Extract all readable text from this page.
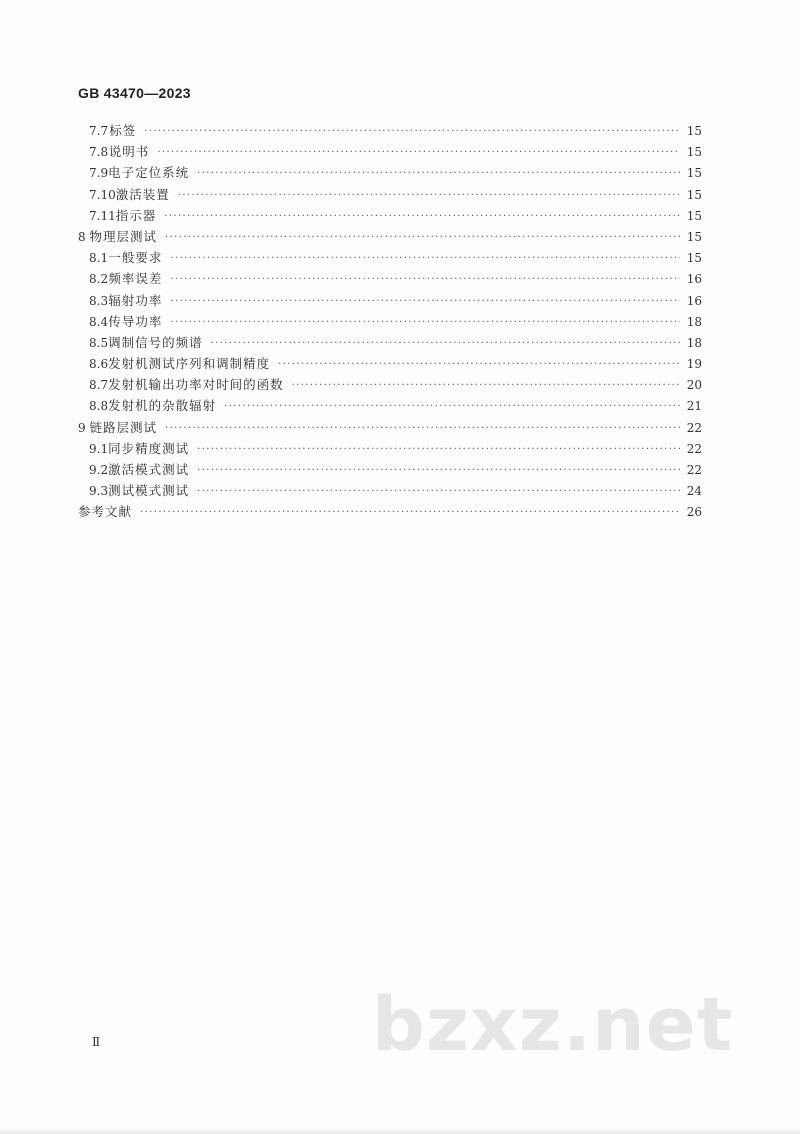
GB 43470—2023
7.7 标签 ·····	15
7.8 说明书 ·····	15
7.9 电子定位系统 ·····	15
7.10 激活装置 ·····	15
7.11 指示器 ·····	15
8 物理层测试 ·····	15
8.1 一般要求 ·····	15
8.2 频率误差 ·····	16
8.3 辐射功率 ·····	16
8.4 传导功率 ·····	18
8.5 调制信号的频谱 ·····	18
8.6 发射机测试序列和调制精度 ·····	19
8.7 发射机输出功率对时间的函数 ·····	20
8.8 发射机的杂散辐射 ·····	21
9 链路层测试 ·····	22
9.1 同步精度测试 ·····	22
9.2 激活模式测试 ·····	22
9.3 测试模式测试 ·····	24
参考文献 ·····	26
Ⅱ	bzxz.net
